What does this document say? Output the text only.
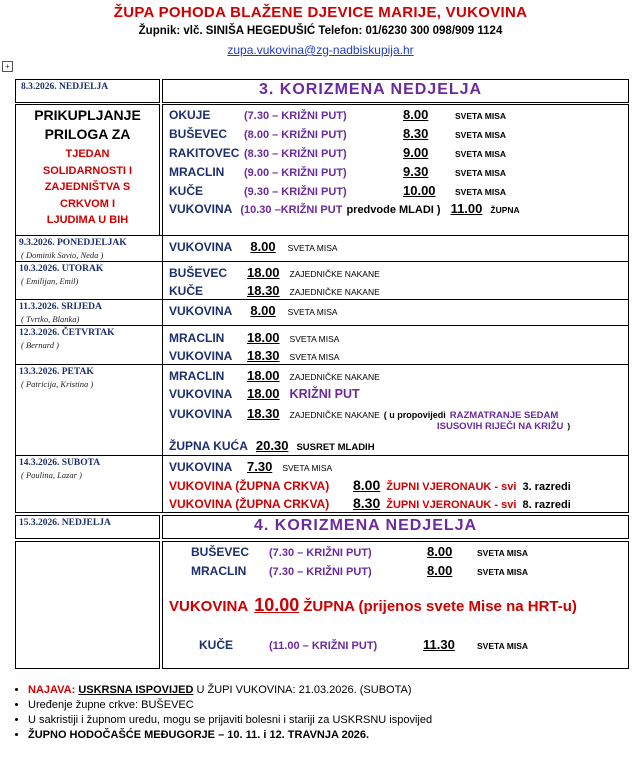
ŽUPA POHODA BLAŽENE DJEVICE MARIJE, VUKOVINA
Župnik: vlč. SINIŠA HEGEDUŠIĆ Telefon: 01/6230 300 098/909 1124
zupa.vukovina@zg-nadbiskupija.hr
+
8.3.2026. NEDJELJA	3. KORIZMENA NEDJELJA
PRIKUPLJANJE
PRILOGA ZA
TJEDAN
SOLIDARNOSTI I
ZAJEDNIŠTVA S
CRKVOM I
LJUDIMA U BIH
OKUJE	(7.30 – KRIŽNI PUT)	8.00	SVETA MISA
BUŠEVEC	(8.00 – KRIŽNI PUT)	8.30	SVETA MISA
RAKITOVEC (8.30 – KRIŽNI PUT)	9.00	SVETA MISA
MRACLIN	(9.00 – KRIŽNI PUT)	9.30	SVETA MISA
KUČE	(9.30 – KRIŽNI PUT)	10.00	SVETA MISA
VUKOVINA (10.30 –KRIŽNI PUT predvode MLADI ) 11.00 ŽUPNA
9.3.2026. PONEDJELJAK
( Dominik Savio, Neda )
VUKOVINA 8.00 SVETA MISA
10.3.2026. UTORAK
( Emilijan, Emil)
BUŠEVEC	18.00 ZAJEDNIČKE NAKANE
KUČE	18.30 ZAJEDNIČKE NAKANE
11.3.2026. SRIJEDA
( Tvrtko, Blanka)
VUKOVINA 8.00 SVETA MISA
12.3.2026. ČETVRTAK
( Bernard )	MRACLIN	18.00 SVETA MISA
VUKOVINA	18.30 SVETA MISA
13.3.2026. PETAK
( Patricija, Kristina )
MRACLIN	18.00 ZAJEDNIČKE NAKANE
VUKOVINA	18.00 KRIŽNI PUT
VUKOVINA	18.30 ZAJEDNIČKE NAKANE ( u propovijedi RAZMATRANJE SEDAM
ISUSOVIH RIJEČI NA KRIŽU )
ŽUPNA KUĆA 20.30 SUSRET MLADIH
14.3.2026. SUBOTA
( Paulina, Lazar )
VUKOVINA	7.30 SVETA MISA
VUKOVINA (ŽUPNA CRKVA)	8.00 ŽUPNI VJERONAUK - svi 3. razredi
VUKOVINA (ŽUPNA CRKVA)	8.30 ŽUPNI VJERONAUK - svi 8. razredi
15.3.2026. NEDJELJA	4. KORIZMENA NEDJELJA
BUŠEVEC	(7.30 – KRIŽNI PUT)	8.00	SVETA MISA
MRACLIN	(7.30 – KRIŽNI PUT)	8.00	SVETA MISA
VUKOVINA 10.00 ŽUPNA (prijenos svete Mise na HRT-u)
KUČE	(11.00 – KRIŽNI PUT)	11.30	SVETA MISA
• NAJAVA: USKRSNA ISPOVIJED U ŽUPI VUKOVINA: 21.03.2026. (SUBOTA)
• Uređenje župne crkve: BUŠEVEC
• U sakristiji i župnom uredu, mogu se prijaviti bolesni i stariji za USKRSNU ispovijed
• ŽUPNO HODOČAŠĆE MEĐUGORJE – 10. 11. i 12. TRAVNJA 2026.
